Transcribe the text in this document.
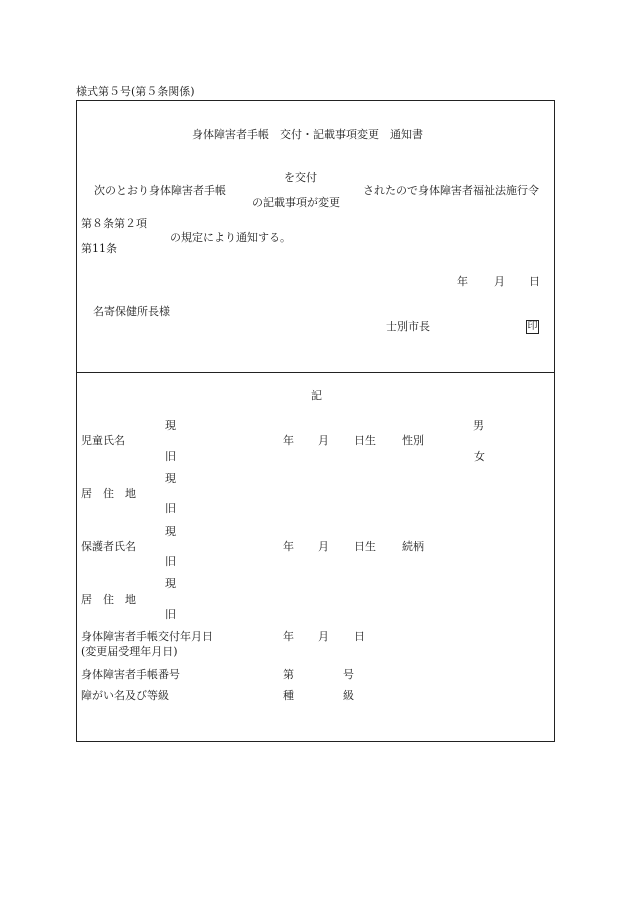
様式第５号(第５条関係)
身体障害者手帳　交付・記載事項変更　通知書
を交付
次のとおり身体障害者手帳	されたので身体障害者福祉法施行令
の記載事項が変更
第８条第２項
の規定により通知する。
第11条
年 月 日
名寄保健所長様
士別市長	印
記
現	男
児童氏名	年 月 日生 性別
旧	女
現
居　住　地
旧
現
保護者氏名	年 月 日生 続柄
旧
現
居　住　地
旧
身体障害者手帳交付年月日	年 月 日
(変更届受理年月日)
身体障害者手帳番号	第	号
障がい名及び等級	種	級
